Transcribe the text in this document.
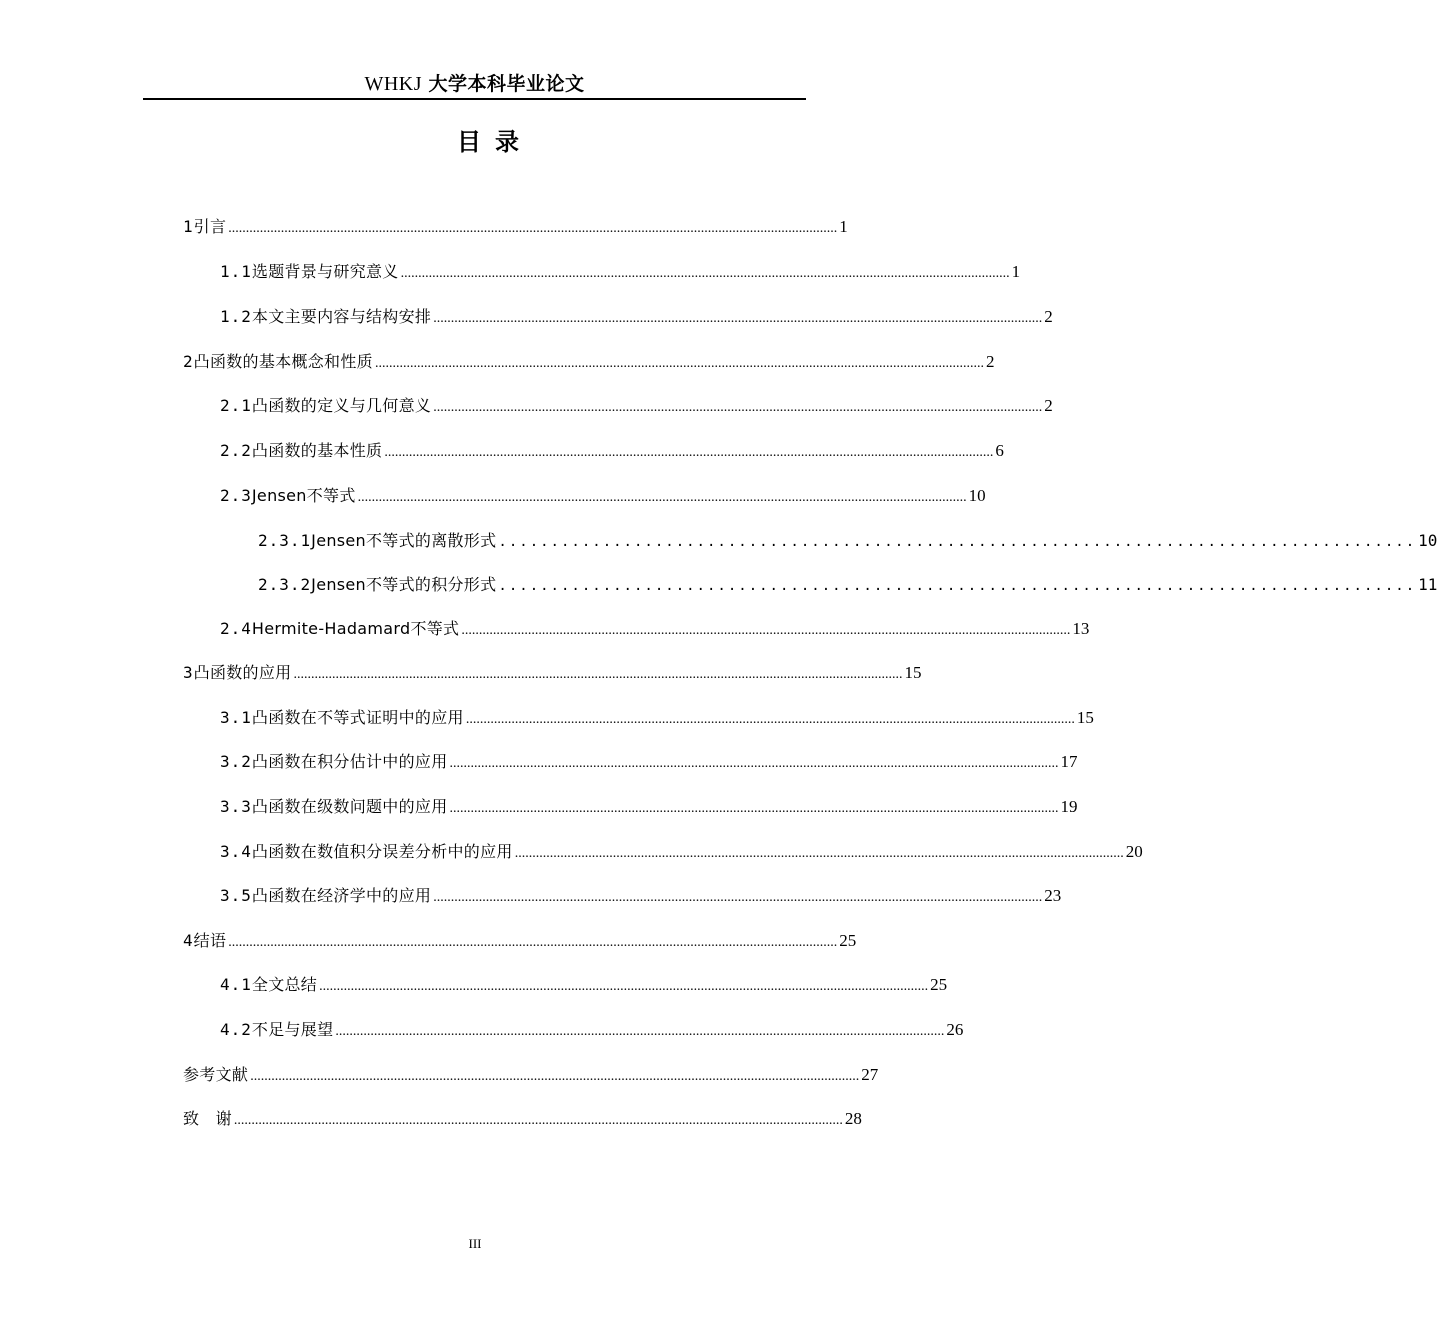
WHKJ 大学本科毕业论文
目录
1 引言 .............................................................................................................................................................................. 1
1.1 选题背景与研究意义 .............................................................................................................................................................................. 1
1.2 本文主要内容与结构安排 .............................................................................................................................................................................. 2
2 凸函数的基本概念和性质 .............................................................................................................................................................................. 2
2.1 凸函数的定义与几何意义 .............................................................................................................................................................................. 2
2.2 凸函数的基本性质 .............................................................................................................................................................................. 6
2.3 Jensen不等式 .............................................................................................................................................................................. 10
2.3.1 Jensen不等式的离散形式 ........................................................................................ 10
2.3.2 Jensen不等式的积分形式 ........................................................................................ 11
2.4 Hermite-Hadamard不等式 .............................................................................................................................................................................. 13
3 凸函数的应用 .............................................................................................................................................................................. 15
3.1 凸函数在不等式证明中的应用 .............................................................................................................................................................................. 15
3.2 凸函数在积分估计中的应用 .............................................................................................................................................................................. 17
3.3 凸函数在级数问题中的应用 .............................................................................................................................................................................. 19
3.4 凸函数在数值积分误差分析中的应用 .............................................................................................................................................................................. 20
3.5 凸函数在经济学中的应用 .............................................................................................................................................................................. 23
4 结语 .............................................................................................................................................................................. 25
4.1 全文总结 .............................................................................................................................................................................. 25
4.2 不足与展望 .............................................................................................................................................................................. 26
参考文献 .............................................................................................................................................................................. 27
致　谢 .............................................................................................................................................................................. 28
III
